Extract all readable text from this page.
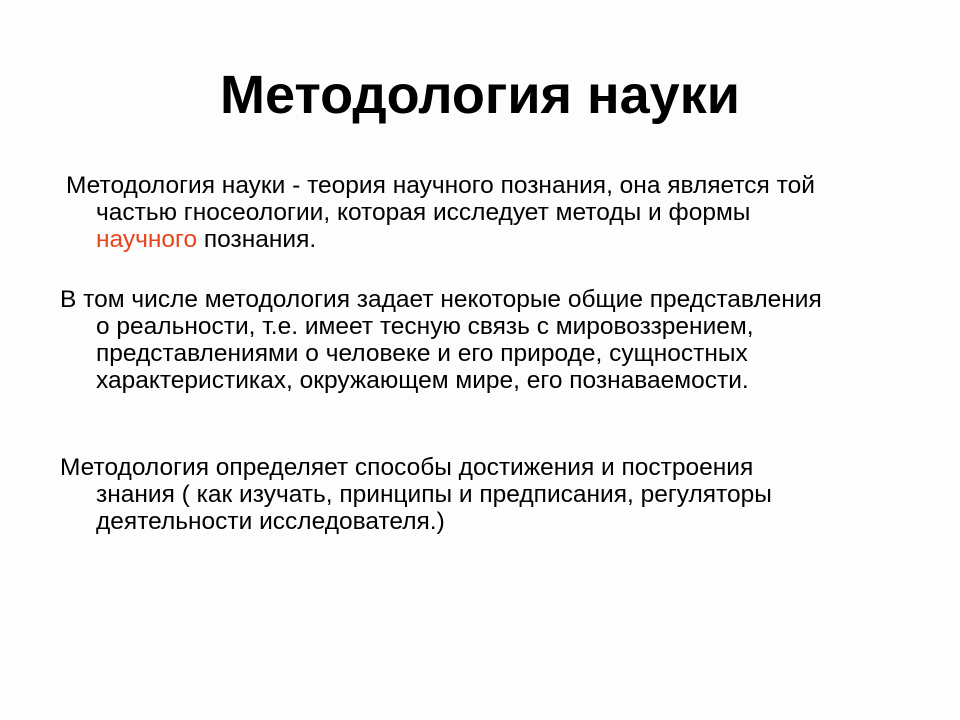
Методология науки
Методология науки - теория научного познания, она является той
частью гносеологии, которая исследует методы и формы
научного познания.
В том числе методология задает некоторые общие представления
о реальности, т.е. имеет тесную связь с мировоззрением,
представлениями о человеке и его природе, сущностных
характеристиках, окружающем мире, его познаваемости.
Методология определяет способы достижения и построения
знания ( как изучать, принципы и предписания, регуляторы
деятельности исследователя.)
